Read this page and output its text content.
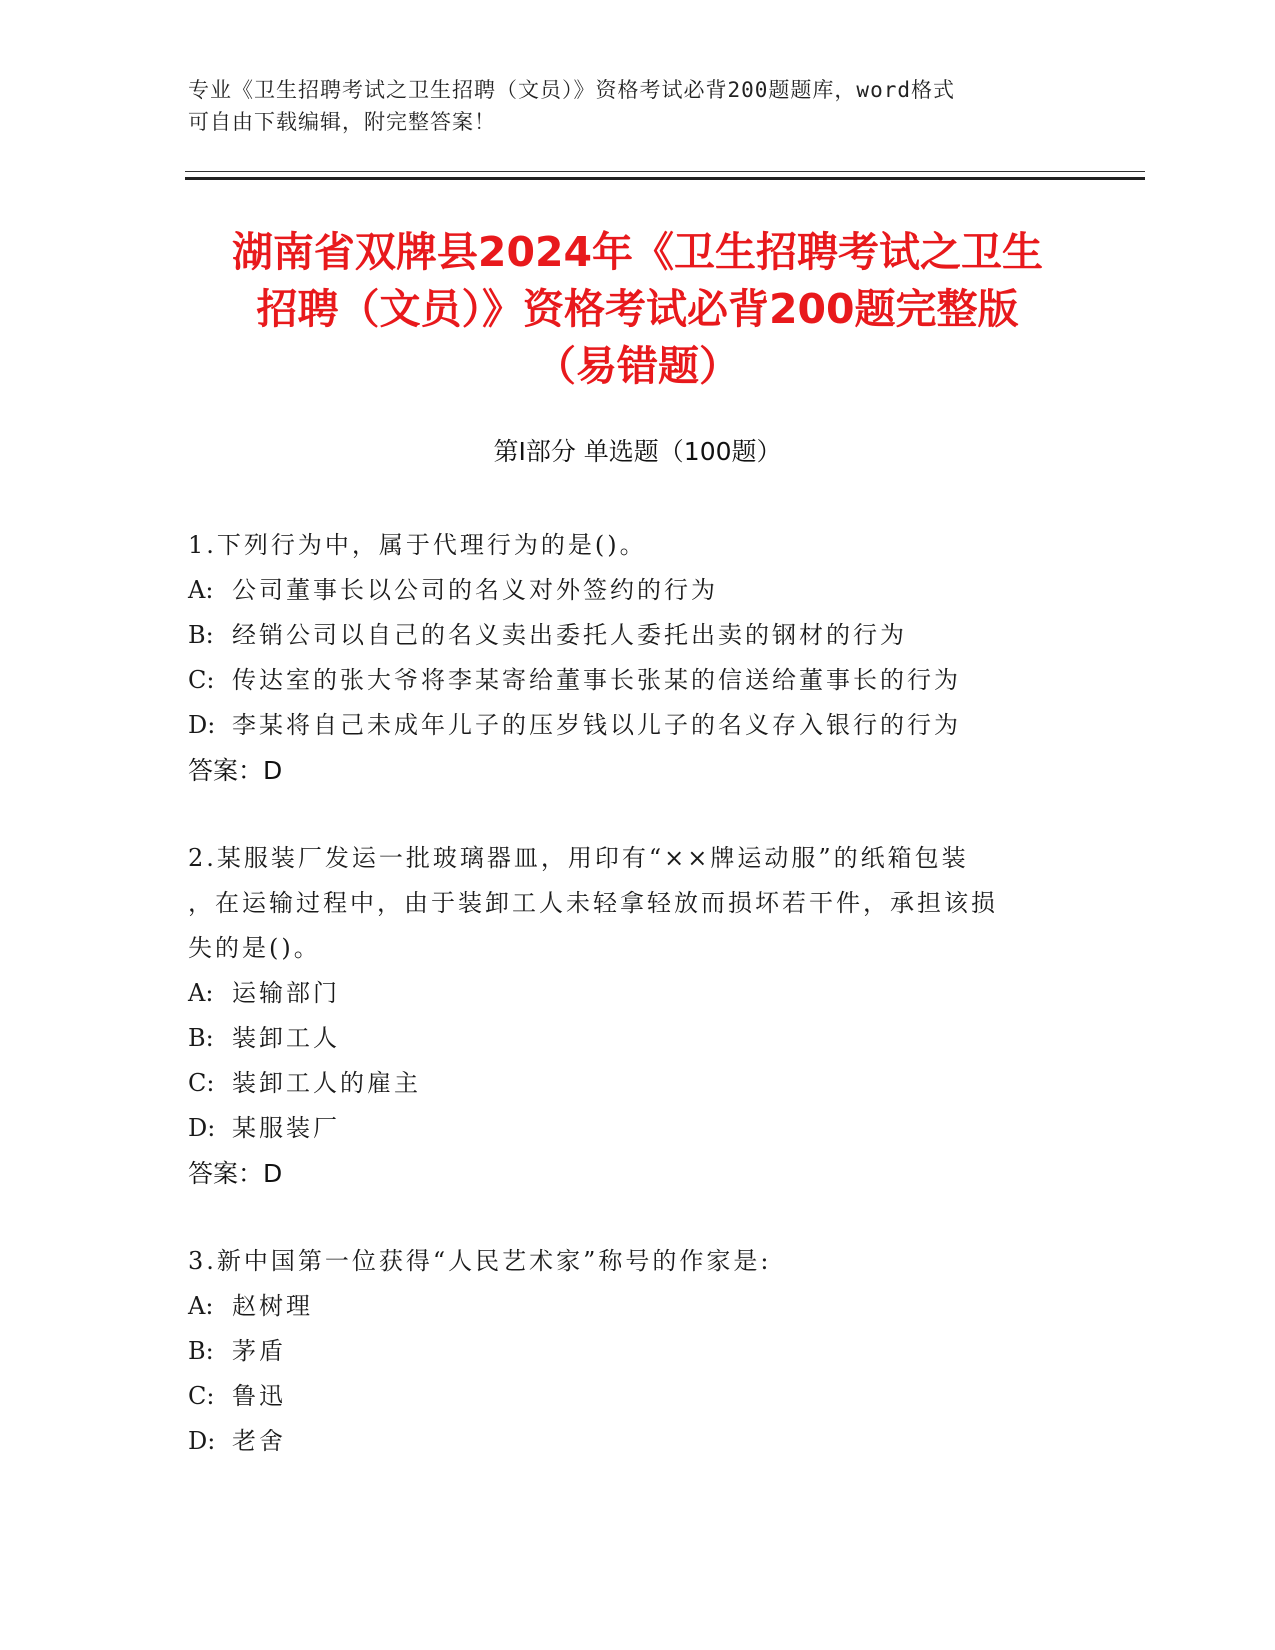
专业《卫生招聘考试之卫生招聘（文员）》资格考试必背200题题库，word格式
可自由下载编辑，附完整答案！
湖南省双牌县2024年《卫生招聘考试之卫生
招聘（文员）》资格考试必背200题完整版
（易错题）
第Ⅰ部分 单选题（100题）
1.下列行为中，属于代理行为的是()。
A: 公司董事长以公司的名义对外签约的行为
B: 经销公司以自己的名义卖出委托人委托出卖的钢材的行为
C: 传达室的张大爷将李某寄给董事长张某的信送给董事长的行为
D: 李某将自己未成年儿子的压岁钱以儿子的名义存入银行的行为
答案：D
2.某服装厂发运一批玻璃器皿，用印有“××牌运动服”的纸箱包装
，在运输过程中，由于装卸工人未轻拿轻放而损坏若干件，承担该损
失的是()。
A: 运输部门
B: 装卸工人
C: 装卸工人的雇主
D: 某服装厂
答案：D
3.新中国第一位获得“人民艺术家”称号的作家是:
A: 赵树理
B: 茅盾
C: 鲁迅
D: 老舍
